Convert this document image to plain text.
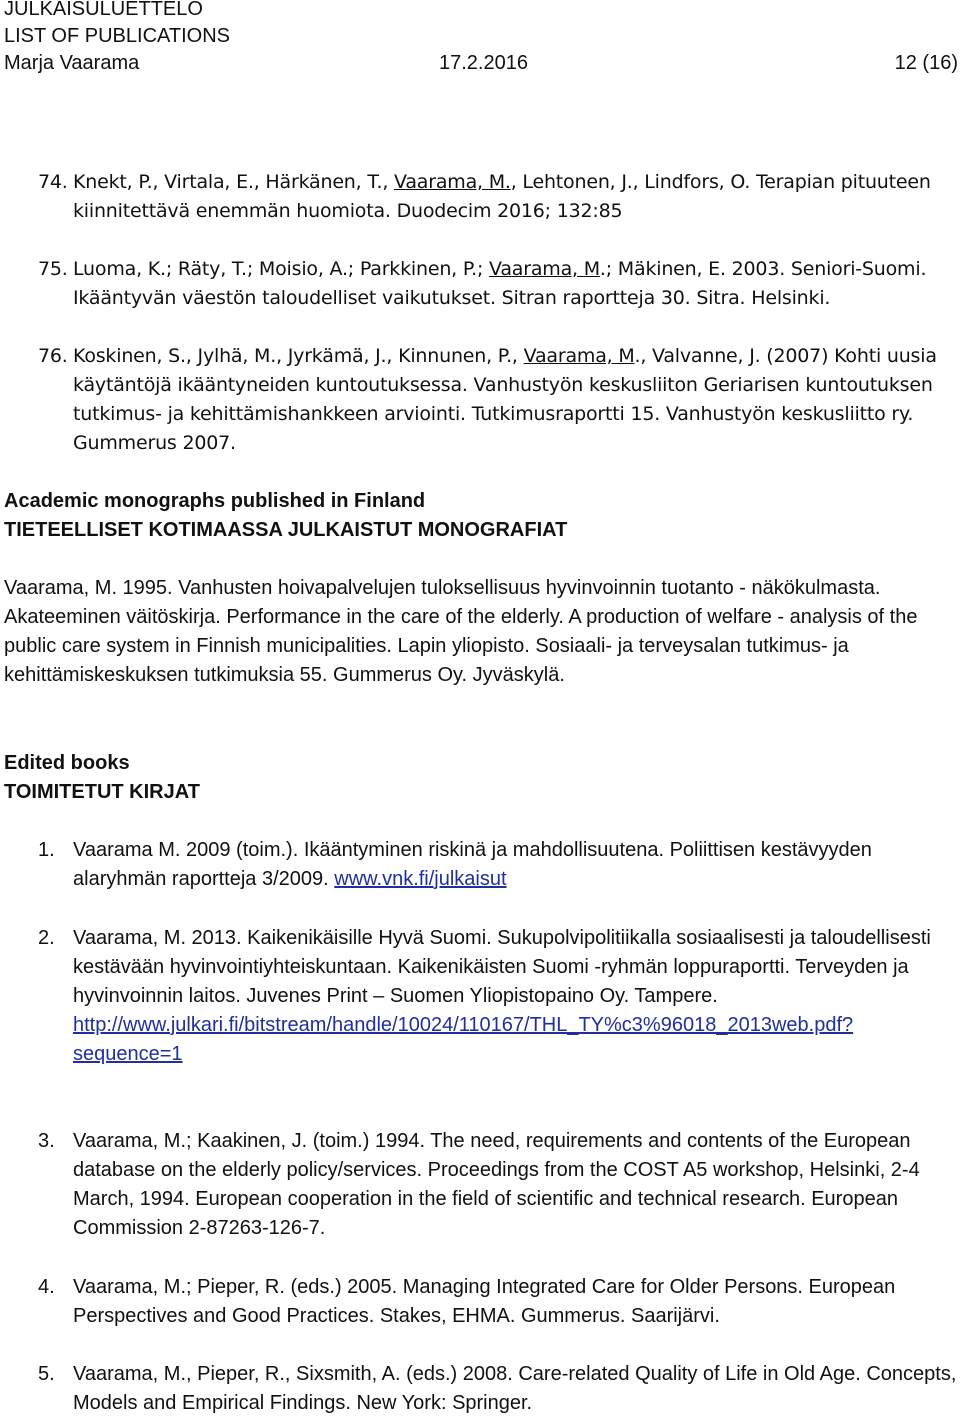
JULKAISULUETTELO
LIST OF PUBLICATIONS
Marja Vaarama	17.2.2016	12 (16)
74. Knekt, P., Virtala, E., Härkänen, T., Vaarama, M., Lehtonen, J., Lindfors, O. Terapian pituuteen kiinnitettävä enemmän huomiota. Duodecim 2016; 132:85
75. Luoma, K.; Räty, T.; Moisio, A.; Parkkinen, P.; Vaarama, M.; Mäkinen, E. 2003. Seniori-Suomi. Ikääntyvän väestön taloudelliset vaikutukset. Sitran raportteja 30. Sitra. Helsinki.
76. Koskinen, S., Jylhä, M., Jyrkämä, J., Kinnunen, P., Vaarama, M., Valvanne, J. (2007) Kohti uusia käytäntöjä ikääntyneiden kuntoutuksessa. Vanhustyön keskusliiton Geriarisen kuntoutuksen tutkimus- ja kehittämishankkeen arviointi. Tutkimusraportti 15. Vanhustyön keskusliitto ry. Gummerus 2007.
Academic monographs published in Finland
TIETEELLISET KOTIMAASSA JULKAISTUT MONOGRAFIAT
Vaarama, M. 1995. Vanhusten hoivapalvelujen tuloksellisuus hyvinvoinnin tuotanto - näkökulmasta. Akateeminen väitöskirja. Performance in the care of the elderly. A production of welfare - analysis of the public care system in Finnish municipalities. Lapin yliopisto. Sosiaali- ja terveysalan tutkimus- ja kehittämiskeskuksen tutkimuksia 55. Gummerus Oy. Jyväskylä.
Edited books
TOIMITETUT KIRJAT
1. Vaarama M. 2009 (toim.). Ikääntyminen riskinä ja mahdollisuutena. Poliittisen kestävyyden alaryhmän raportteja 3/2009. www.vnk.fi/julkaisut
2. Vaarama, M. 2013. Kaikenikäisille Hyvä Suomi. Sukupolvipolitiikalla sosiaalisesti ja taloudellisesti kestävään hyvinvointiyhteiskuntaan. Kaikenikäisten Suomi -ryhmän loppuraportti. Terveyden ja hyvinvoinnin laitos. Juvenes Print – Suomen Yliopistopaino Oy. Tampere.
http://www.julkari.fi/bitstream/handle/10024/110167/THL_TY%c3%96018_2013web.pdf?
sequence=1
3. Vaarama, M.; Kaakinen, J. (toim.) 1994. The need, requirements and contents of the European database on the elderly policy/services. Proceedings from the COST A5 workshop, Helsinki, 2-4 March, 1994. European cooperation in the field of scientific and technical research. European Commission 2-87263-126-7.
4. Vaarama, M.; Pieper, R. (eds.) 2005. Managing Integrated Care for Older Persons. European Perspectives and Good Practices. Stakes, EHMA. Gummerus. Saarijärvi.
5. Vaarama, M., Pieper, R., Sixsmith, A. (eds.) 2008. Care-related Quality of Life in Old Age. Concepts, Models and Empirical Findings. New York: Springer.
